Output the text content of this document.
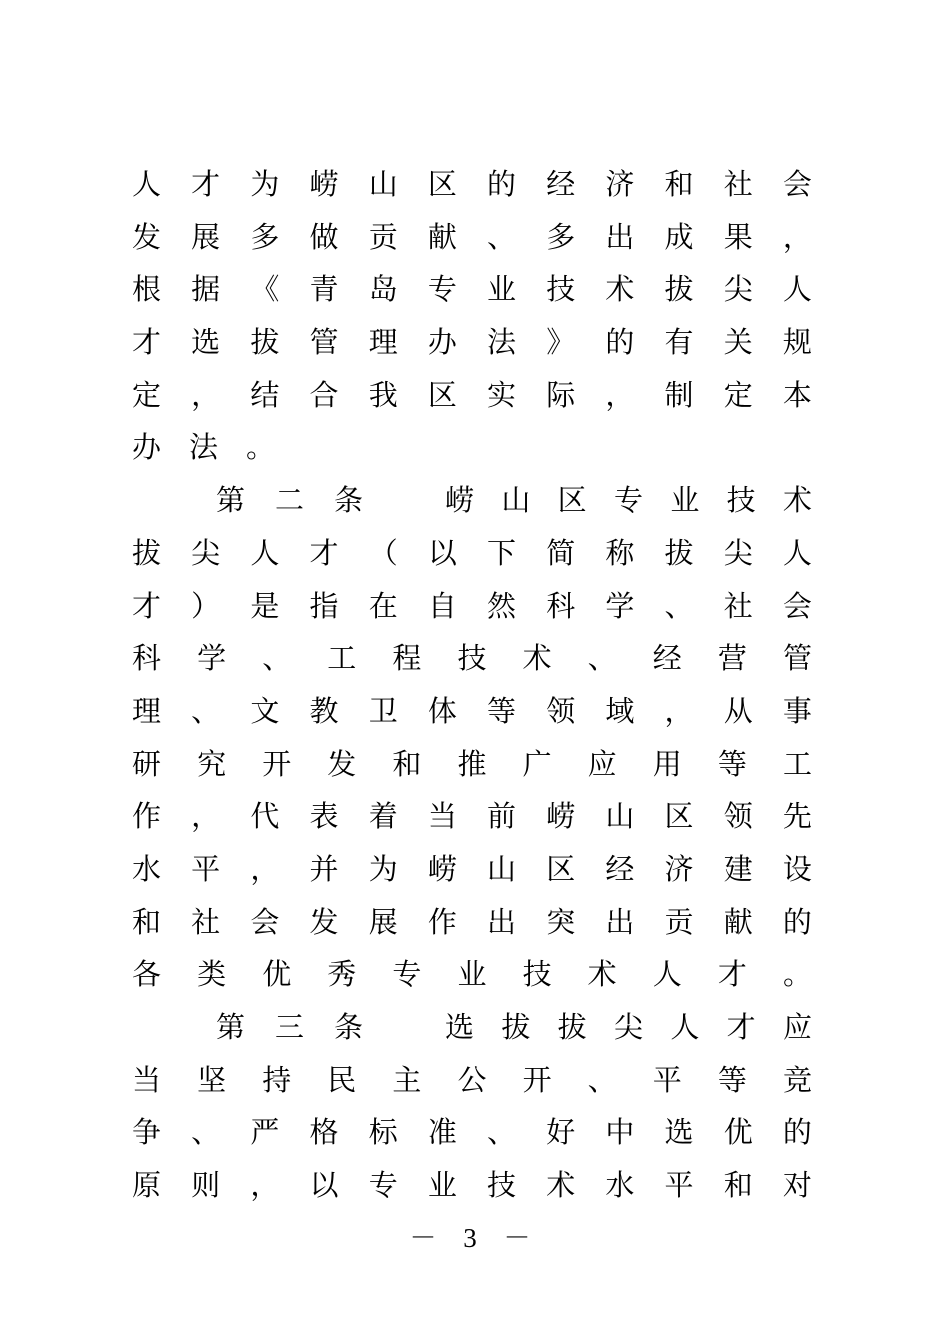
人 才 为 崂 山 区 的 经 济 和 社 会
发 展 多 做 贡 献 、 多 出 成 果 ，
根 据 《 青 岛 专 业 技 术 拔 尖 人
才 选 拔 管 理 办 法 》 的 有 关 规
定 ， 结 合 我 区 实 际 ， 制 定 本
办 法 。
第 二 条	崂 山 区 专 业 技 术
拔 尖 人 才 （ 以 下 简 称 拔 尖 人
才 ） 是 指 在 自 然 科 学 、 社 会
科 学 、 工 程 技 术 、 经 营 管
理 、 文 教 卫 体 等 领 域 ， 从 事
研 究 开 发 和 推 广 应 用 等 工
作 ， 代 表 着 当 前 崂 山 区 领 先
水 平 ， 并 为 崂 山 区 经 济 建 设
和 社 会 发 展 作 出 突 出 贡 献 的
各 类 优 秀 专 业 技 术 人 才 。
第 三 条	选 拔 拔 尖 人 才 应
当 坚 持 民 主 公 开 、 平 等 竞
争 、 严 格 标 准 、 好 中 选 优 的
原 则 ， 以 专 业 技 术 水 平 和 对
－ 3 －
